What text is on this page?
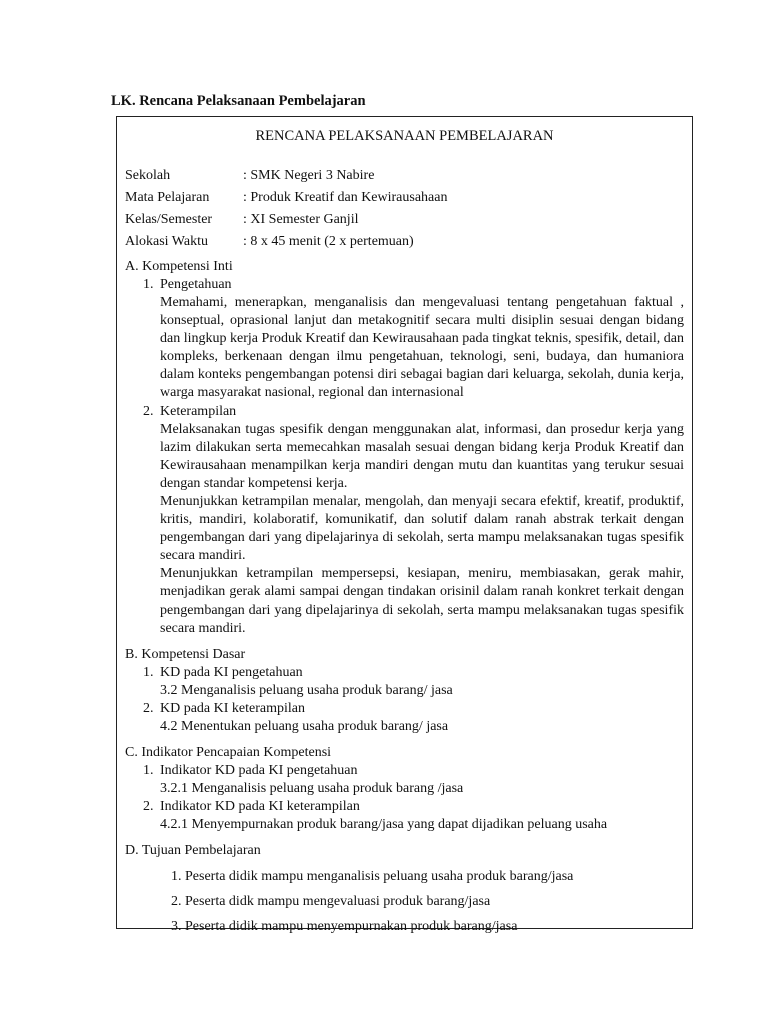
LK. Rencana Pelaksanaan Pembelajaran
RENCANA PELAKSANAAN PEMBELAJARAN
Sekolah	: SMK Negeri 3 Nabire
Mata Pelajaran	: Produk Kreatif dan Kewirausahaan
Kelas/Semester	: XI Semester Ganjil
Alokasi Waktu	: 8 x 45 menit (2 x pertemuan)
A. Kompetensi Inti
1. Pengetahuan
Memahami, menerapkan, menganalisis dan mengevaluasi tentang pengetahuan faktual , konseptual, oprasional lanjut dan metakognitif secara multi disiplin sesuai dengan bidang dan lingkup kerja Produk Kreatif dan Kewirausahaan pada tingkat teknis, spesifik, detail, dan kompleks, berkenaan dengan ilmu pengetahuan, teknologi, seni, budaya, dan humaniora dalam konteks pengembangan potensi diri sebagai bagian dari keluarga, sekolah, dunia kerja, warga masyarakat nasional, regional dan internasional
2. Keterampilan
Melaksanakan tugas spesifik dengan menggunakan alat, informasi, dan prosedur kerja yang lazim dilakukan serta memecahkan masalah sesuai dengan bidang kerja Produk Kreatif dan Kewirausahaan menampilkan kerja mandiri dengan mutu dan kuantitas yang terukur sesuai dengan standar kompetensi kerja.
Menunjukkan ketrampilan menalar, mengolah, dan menyaji secara efektif, kreatif, produktif, kritis, mandiri, kolaboratif, komunikatif, dan solutif dalam ranah abstrak terkait dengan pengembangan dari yang dipelajarinya di sekolah, serta mampu melaksanakan tugas spesifik secara mandiri.
Menunjukkan ketrampilan mempersepsi, kesiapan, meniru, membiasakan, gerak mahir, menjadikan gerak alami sampai dengan tindakan orisinil dalam ranah konkret terkait dengan pengembangan dari yang dipelajarinya di sekolah, serta mampu melaksanakan tugas spesifik secara mandiri.
B. Kompetensi Dasar
1. KD pada KI pengetahuan
3.2 Menganalisis peluang usaha produk barang/ jasa
2. KD pada KI keterampilan
4.2 Menentukan peluang usaha produk barang/ jasa
C. Indikator Pencapaian Kompetensi
1. Indikator KD pada KI pengetahuan
3.2.1 Menganalisis peluang usaha produk barang /jasa
2. Indikator KD pada KI keterampilan
4.2.1 Menyempurnakan produk barang/jasa yang dapat dijadikan peluang usaha
D. Tujuan Pembelajaran
1. Peserta didik mampu menganalisis peluang usaha produk barang/jasa
2. Peserta didk mampu mengevaluasi produk barang/jasa
3. Peserta didik mampu menyempurnakan produk barang/jasa
